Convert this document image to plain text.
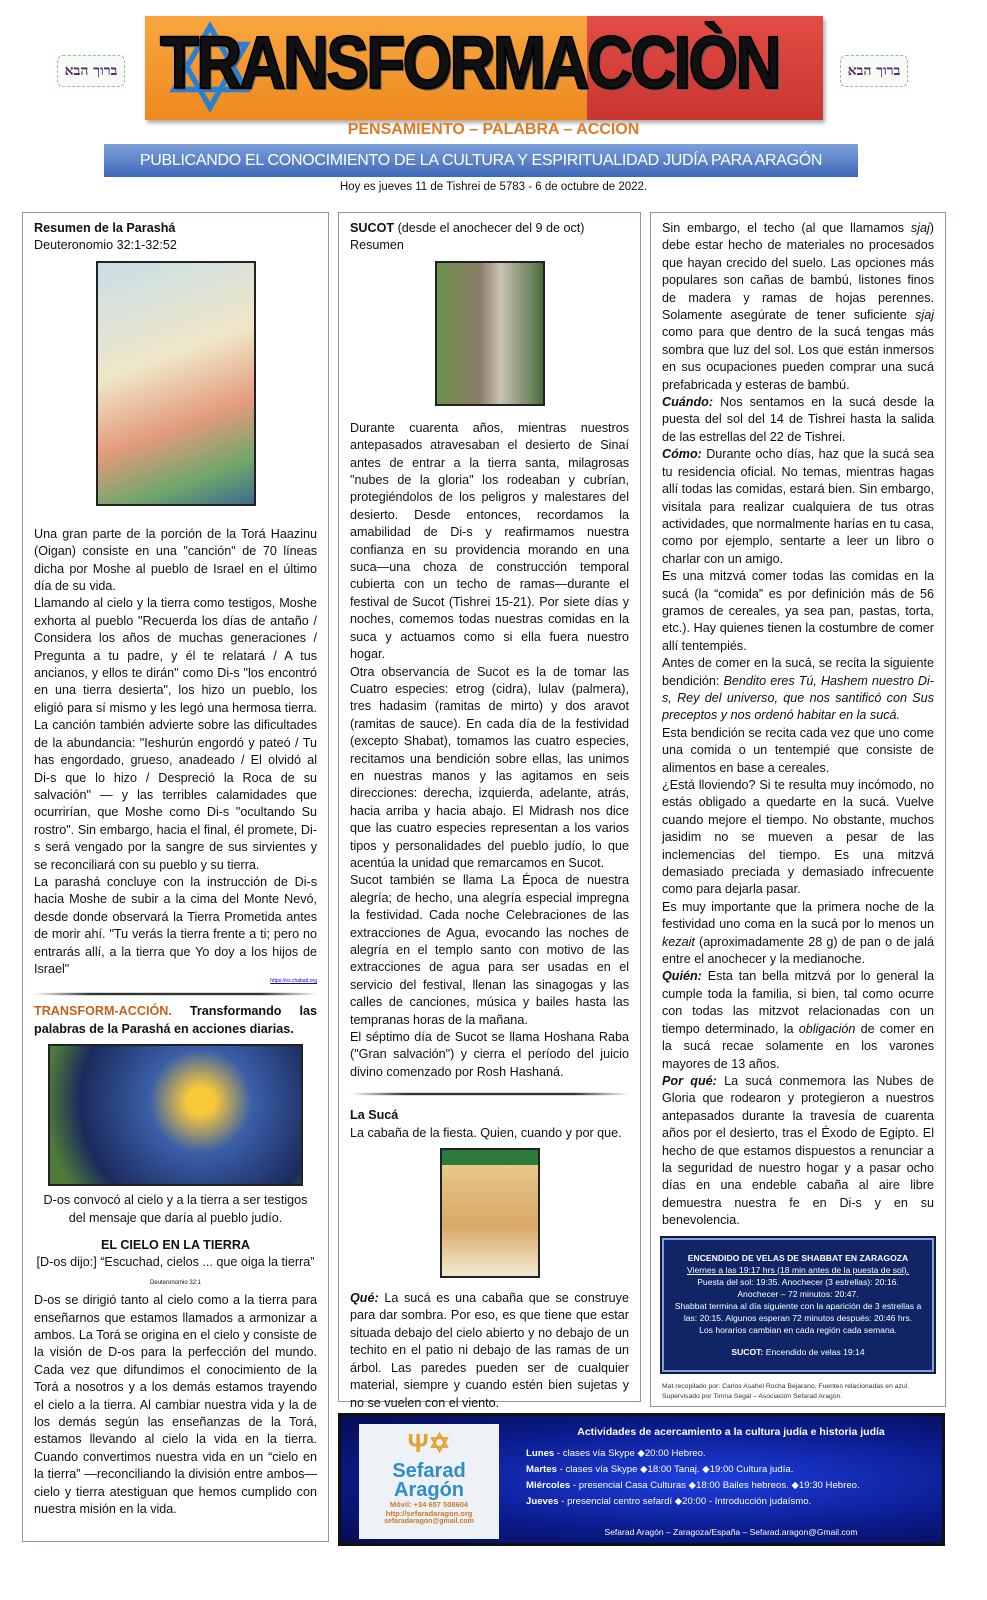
ברוך הבא	ברוך הבא
TRANSFORMACCIÒN
PENSAMIENTO – PALABRA – ACCION
PUBLICANDO EL CONOCIMIENTO DE LA CULTURA Y ESPIRITUALIDAD JUDÍA PARA ARAGÓN
Hoy es jueves 11 de Tishrei de 5783 - 6 de octubre de 2022.

Resumen de la Parashá

Deuteronomio 32:1-32:52

Una gran parte de la porción de la Torá Haazinu (Oigan) consiste en una "canción" de 70 líneas dicha por Moshe al pueblo de Israel en el último día de su vida.

Llamando al cielo y la tierra como testigos, Moshe exhorta al pueblo "Recuerda los días de antaño / Considera los años de muchas generaciones / Pregunta a tu padre, y él te relatará / A tus ancianos, y ellos te dirán" como Di-s "los encontró en una tierra desierta", los hizo un pueblo, los eligió para sí mismo y les legó una hermosa tierra. La canción también advierte sobre las dificultades de la abundancia: "Ieshurún engordó y pateó / Tu has engordado, grueso, anadeado / El olvidó al Di-s que lo hizo / Despreció la Roca de su salvación" — y las terribles calamidades que ocurrirían, que Moshe como Di-s "ocultando Su rostro". Sin embargo, hacia el final, él promete, Di-s será vengado por la sangre de sus sirvientes y se reconciliará con su pueblo y su tierra.

La parashá concluye con la instrucción de Di-s hacia Moshe de subir a la cima del Monte Nevó, desde donde observará la Tierra Prometida antes de morir ahí. "Tu verás la tierra frente a ti; pero no entrarás allí, a la tierra que Yo doy a los hijos de Israel"

https://es.chabad.org

TRANSFORM-ACCIÓN. Transformando las palabras de la Parashá en acciones diarias.

D-os convocó al cielo y a la tierra a ser testigos del mensaje que daría al pueblo judío.

EL CIELO EN LA TIERRA

[D-os dijo:] “Escuchad, cielos ... que oiga la tierra” Deuteronomio 32:1

D-os se dirigió tanto al cielo como a la tierra para enseñarnos que estamos llamados a armonizar a ambos. La Torá se origina en el cielo y consiste de la visión de D-os para la perfección del mundo. Cada vez que difundimos el conocimiento de la Torá a nosotros y a los demás estamos trayendo el cielo a la tierra. Al cambiar nuestra vida y la de los demás según las enseñanzas de la Torá, estamos llevando al cielo la vida en la tierra. Cuando convertimos nuestra vida en un “cielo en la tierra” —reconciliando la división entre ambos— cielo y tierra atestiguan que hemos cumplido con nuestra misión en la vida.

SUCOT (desde el anochecer del 9 de oct)

Resumen

Durante cuarenta años, mientras nuestros antepasados atravesaban el desierto de Sinaí antes de entrar a la tierra santa, milagrosas "nubes de la gloria" los rodeaban y cubrían, protegiéndolos de los peligros y malestares del desierto. Desde entonces, recordamos la amabilidad de Di-s y reafirmamos nuestra confianza en su providencia morando en una suca—una choza de construcción temporal cubierta con un techo de ramas—durante el festival de Sucot (Tishrei 15-21). Por siete días y noches, comemos todas nuestras comidas en la suca y actuamos como si ella fuera nuestro hogar.

Otra observancia de Sucot es la de tomar las Cuatro especies: etrog (cidra), lulav (palmera), tres hadasim (ramitas de mirto) y dos aravot (ramitas de sauce). En cada día de la festividad (excepto Shabat), tomamos las cuatro especies, recitamos una bendición sobre ellas, las unimos en nuestras manos y las agitamos en seis direcciones: derecha, izquierda, adelante, atrás, hacia arriba y hacia abajo. El Midrash nos dice que las cuatro especies representan a los varios tipos y personalidades del pueblo judío, lo que acentúa la unidad que remarcamos en Sucot.

Sucot también se llama La Época de nuestra alegría; de hecho, una alegría especial impregna la festividad. Cada noche Celebraciones de las extracciones de Agua, evocando las noches de alegría en el templo santo con motivo de las extracciones de agua para ser usadas en el servicio del festival, llenan las sinagogas y las calles de canciones, música y bailes hasta las tempranas horas de la mañana.

El séptimo día de Sucot se llama Hoshana Raba ("Gran salvación") y cierra el período del juicio divino comenzado por Rosh Hashaná.

La Sucá

La cabaña de la fiesta. Quien, cuando y por que.

Qué: La sucá es una cabaña que se construye para dar sombra. Por eso, es que tiene que estar situada debajo del cielo abierto y no debajo de un techito en el patio ni debajo de las ramas de un árbol. Las paredes pueden ser de cualquier material, siempre y cuando estén bien sujetas y no se vuelen con el viento.

Sin embargo, el techo (al que llamamos sjaj) debe estar hecho de materiales no procesados que hayan crecido del suelo. Las opciones más populares son cañas de bambú, listones finos de madera y ramas de hojas perennes. Solamente asegúrate de tener suficiente sjaj como para que dentro de la sucá tengas más sombra que luz del sol. Los que están inmersos en sus ocupaciones pueden comprar una sucá prefabricada y esteras de bambú.

Cuándo: Nos sentamos en la sucá desde la puesta del sol del 14 de Tishrei hasta la salida de las estrellas del 22 de Tishrei.

Cómo: Durante ocho días, haz que la sucá sea tu residencia oficial. No temas, mientras hagas allí todas las comidas, estará bien. Sin embargo, visítala para realizar cualquiera de tus otras actividades, que normalmente harías en tu casa, como por ejemplo, sentarte a leer un libro o charlar con un amigo.

Es una mitzvá comer todas las comidas en la sucá (la “comida” es por definición más de 56 gramos de cereales, ya sea pan, pastas, torta, etc.). Hay quienes tienen la costumbre de comer allí tentempiés.

Antes de comer en la sucá, se recita la siguiente bendición: Bendito eres Tú, Hashem nuestro Di-s, Rey del universo, que nos santificó con Sus preceptos y nos ordenó habitar en la sucá.

Esta bendición se recita cada vez que uno come una comida o un tentempié que consiste de alimentos en base a cereales.

¿Está lloviendo? Si te resulta muy incómodo, no estás obligado a quedarte en la sucá. Vuelve cuando mejore el tiempo. No obstante, muchos jasidim no se mueven a pesar de las inclemencias del tiempo. Es una mitzvá demasiado preciada y demasiado infrecuente como para dejarla pasar.

Es muy importante que la primera noche de la festividad uno coma en la sucá por lo menos un kezait (aproximadamente 28 g) de pan o de jalá entre el anochecer y la medianoche.

Quién: Esta tan bella mitzvá por lo general la cumple toda la familia, si bien, tal como ocurre con todas las mitzvot relacionadas con un tiempo determinado, la obligación de comer en la sucá recae solamente en los varones mayores de 13 años.

Por qué: La sucá conmemora las Nubes de Gloria que rodearon y protegieron a nuestros antepasados durante la travesía de cuarenta años por el desierto, tras el Éxodo de Egipto. El hecho de que estamos dispuestos a renunciar a la seguridad de nuestro hogar y a pasar ocho días en una endeble cabaña al aire libre demuestra nuestra fe en Di-s y en su benevolencia.

ENCENDIDO DE VELAS DE SHABBAT EN ZARAGOZA
Viernes a las 19:17 hrs (18 min antes de la puesta de sol).
Puesta del sol: 19:35. Anochecer (3 estrellas): 20:16.
Anochecer – 72 minutos: 20:47.
Shabbat termina al día siguiente con la aparición de 3 estrellas a las: 20:15. Algunos esperan 72 minutos después: 20:46 hrs.
Los horarios cambian en cada región cada semana.
SUCOT: Encendido de velas 19:14
Mat recopilado por: Carlos Asahel Rocha Bejarano. Fuentes relacionadas en azul.
Supervisado por Timna Segal – Asociación Sefarad Aragón.
Ψ✡
Sefarad
Aragón
Móvil: +34 657 508604
http://sefaradaragon.org
sefaradaragon@gmail.com
Actividades de acercamiento a la cultura judía e historia judía
Lunes - clases vía Skype ◆20:00 Hebreo.
Martes - clases vía Skype ◆18:00 Tanaj. ◆19:00 Cultura judía.
Miércoles - presencial Casa Culturas ◆18:00 Bailes hebreos. ◆19:30 Hebreo.
Jueves - presencial centro sefardí ◆20:00 - Introducción judaísmo.
Sefarad Aragón – Zaragoza/España – Sefarad.aragon@Gmail.com
